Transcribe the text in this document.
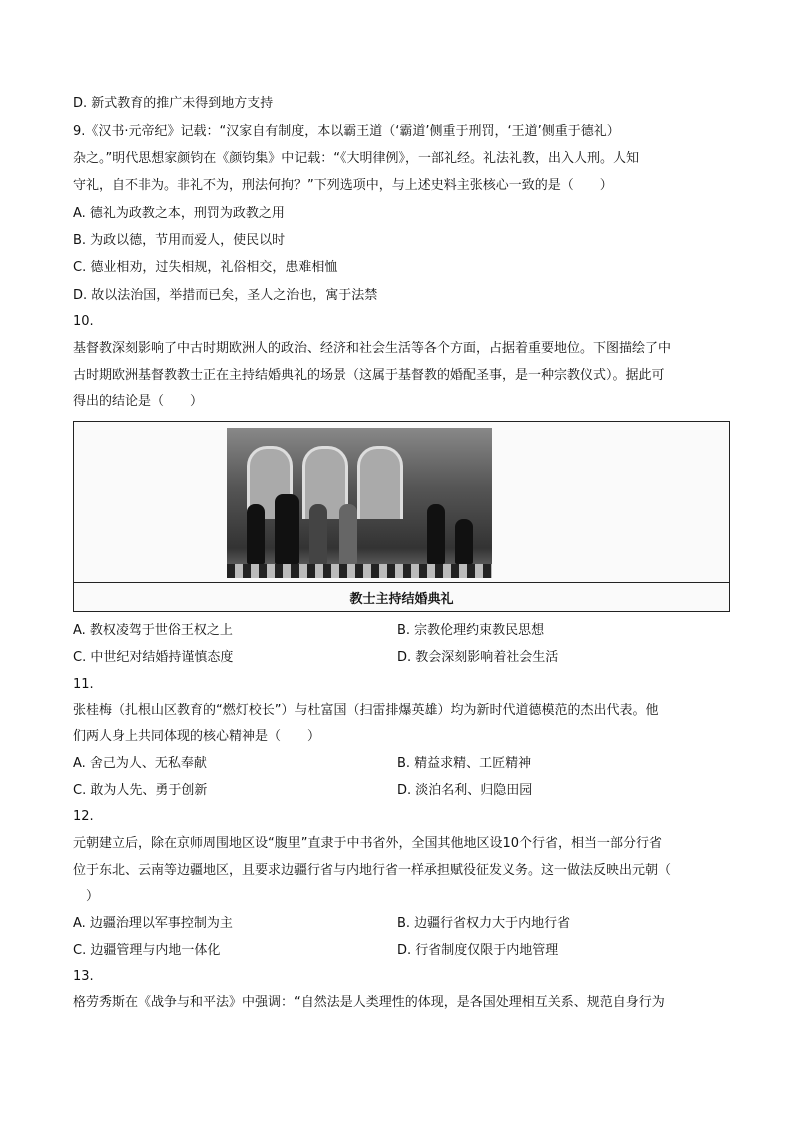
D. 新式教育的推广未得到地方支持
9.《汉书·元帝纪》记载：“汉家自有制度，本以霸王道（‘霸道’侧重于刑罚，‘王道’侧重于德礼）
杂之。”明代思想家颜钧在《颜钧集》中记载：“《大明律例》，一部礼经。礼法礼教，出入人刑。人知
守礼，自不非为。非礼不为，刑法何拘？”下列选项中，与上述史料主张核心一致的是（　　）
A. 德礼为政教之本，刑罚为政教之用
B. 为政以德，节用而爱人，使民以时
C. 德业相劝，过失相规，礼俗相交，患难相恤
D. 故以法治国，举措而已矣，圣人之治也，寓于法禁
10.
基督教深刻影响了中古时期欧洲人的政治、经济和社会生活等各个方面，占据着重要地位。下图描绘了中
古时期欧洲基督教教士正在主持结婚典礼的场景（这属于基督教的婚配圣事，是一种宗教仪式）。据此可
得出的结论是（　　）
教士主持结婚典礼
A. 教权凌驾于世俗王权之上	B. 宗教伦理约束教民思想
C. 中世纪对结婚持谨慎态度	D. 教会深刻影响着社会生活
11.
张桂梅（扎根山区教育的“燃灯校长”）与杜富国（扫雷排爆英雄）均为新时代道德模范的杰出代表。他
们两人身上共同体现的核心精神是（　　）
A. 舍己为人、无私奉献	B. 精益求精、工匠精神
C. 敢为人先、勇于创新	D. 淡泊名利、归隐田园
12.
元朝建立后，除在京师周围地区设“腹里”直隶于中书省外，全国其他地区设10个行省，相当一部分行省
位于东北、云南等边疆地区，且要求边疆行省与内地行省一样承担赋役征发义务。这一做法反映出元朝（
　）
A. 边疆治理以军事控制为主	B. 边疆行省权力大于内地行省
C. 边疆管理与内地一体化	D. 行省制度仅限于内地管理
13.
格劳秀斯在《战争与和平法》中强调：“自然法是人类理性的体现，是各国处理相互关系、规范自身行为
